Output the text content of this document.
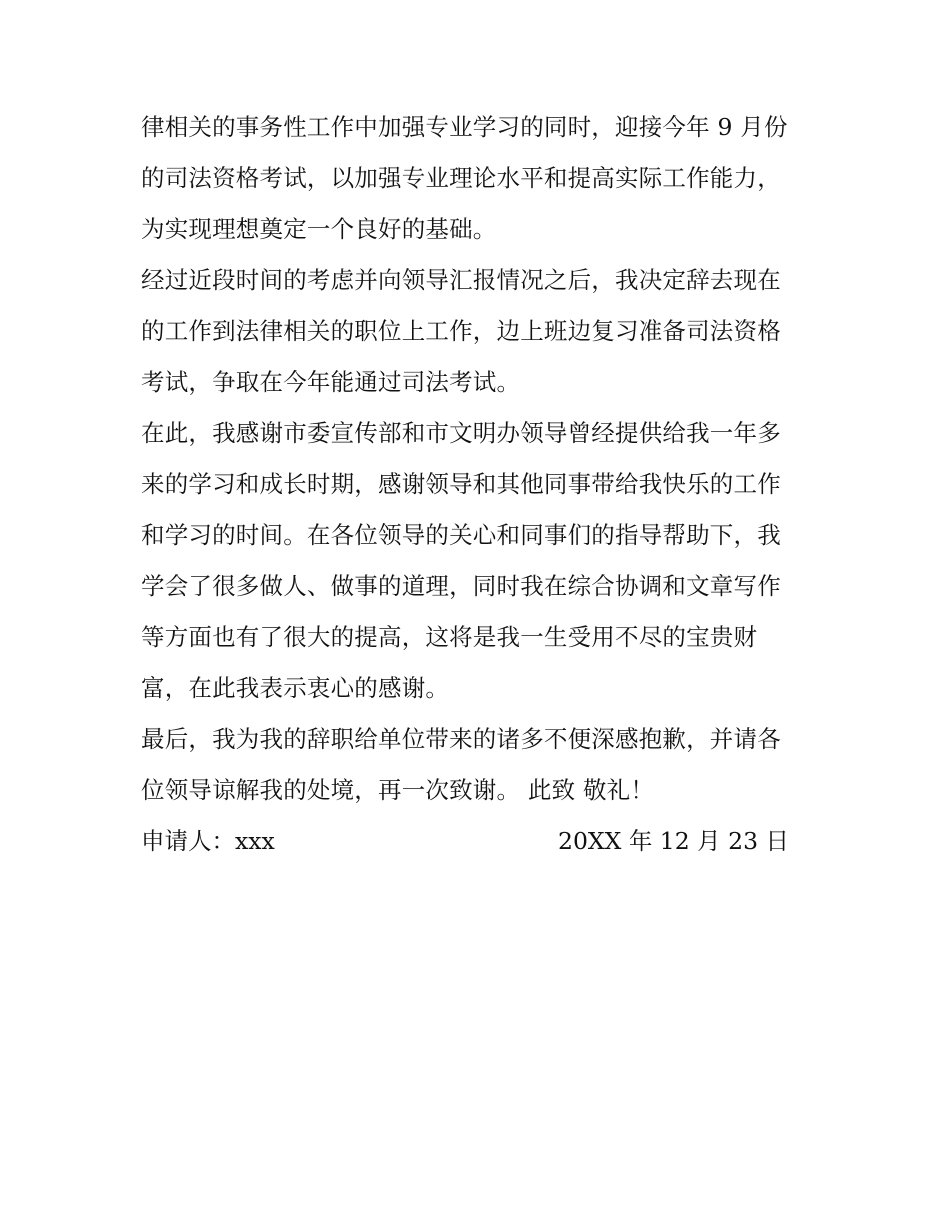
律相关的事务性工作中加强专业学习的同时，迎接今年 9 月份
的司法资格考试，以加强专业理论水平和提高实际工作能力，
为实现理想奠定一个良好的基础。

经过近段时间的考虑并向领导汇报情况之后，我决定辞去现在
的工作到法律相关的职位上工作，边上班边复习准备司法资格
考试，争取在今年能通过司法考试。

在此，我感谢市委宣传部和市文明办领导曾经提供给我一年多
来的学习和成长时期，感谢领导和其他同事带给我快乐的工作
和学习的时间。在各位领导的关心和同事们的指导帮助下，我
学会了很多做人、做事的道理，同时我在综合协调和文章写作
等方面也有了很大的提高，这将是我一生受用不尽的宝贵财
富，在此我表示衷心的感谢。

最后，我为我的辞职给单位带来的诸多不便深感抱歉，并请各
位领导谅解我的处境，再一次致谢。 此致 敬礼！

申请人：xxx	20XX 年 12 月 23 日
